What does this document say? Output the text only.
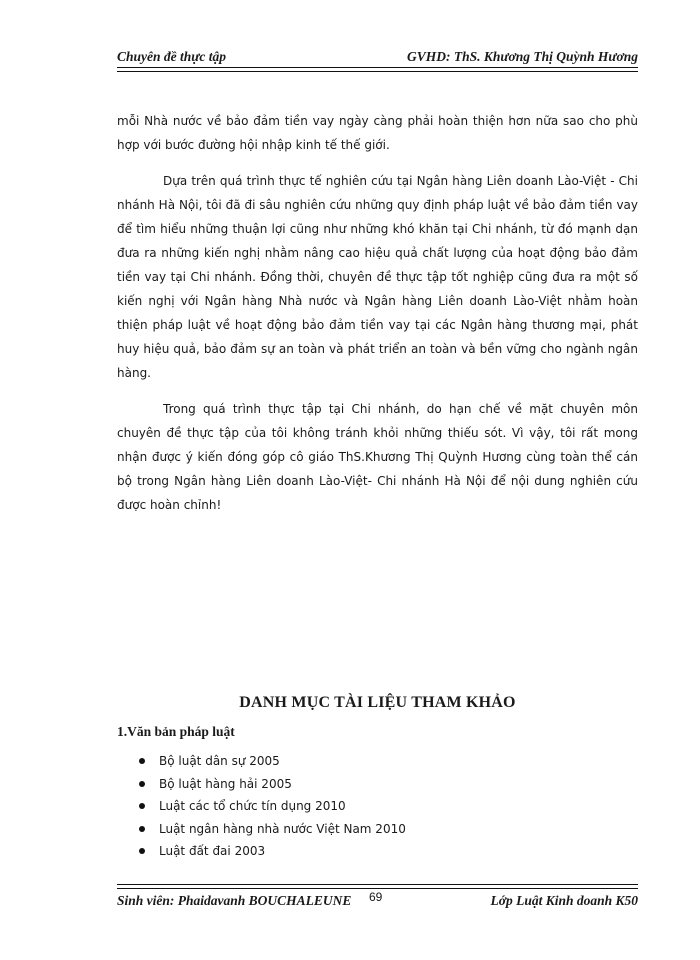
Chuyên đề thực tập	GVHD: ThS. Khương Thị Quỳnh Hương

mỗi Nhà nước về bảo đảm tiền vay ngày càng phải hoàn thiện hơn nữa sao cho phù hợp với bước đường hội nhập kinh tế thế giới.

Dựa trên quá trình thực tế nghiên cứu tại Ngân hàng Liên doanh Lào-Việt - Chi nhánh Hà Nội, tôi đã đi sâu nghiên cứu những quy định pháp luật về bảo đảm tiền vay để tìm hiểu những thuận lợi cũng như những khó khăn tại Chi nhánh, từ đó mạnh dạn đưa ra những kiến nghị nhằm nâng cao hiệu quả chất lượng của hoạt động bảo đảm tiền vay tại Chi nhánh. Đồng thời, chuyên đề thực tập tốt nghiệp cũng đưa ra một số kiến nghị với Ngân hàng Nhà nước và Ngân hàng Liên doanh Lào-Việt nhằm hoàn thiện pháp luật về hoạt động bảo đảm tiền vay tại các Ngân hàng thương mại, phát huy hiệu quả, bảo đảm sự an toàn và phát triển an toàn và bền vững cho ngành ngân hàng.

Trong quá trình thực tập tại Chi nhánh, do hạn chế về mặt chuyên môn chuyên đề thực tập của tôi không tránh khỏi những thiếu sót. Vì vậy, tôi rất mong nhận được ý kiến đóng góp cô giáo ThS.Khương Thị Quỳnh Hương cùng toàn thể cán bộ trong Ngân hàng Liên doanh Lào-Việt- Chi nhánh Hà Nội để nội dung nghiên cứu được hoàn chỉnh!

DANH MỤC TÀI LIỆU THAM KHẢO
1.Văn bản pháp luật
Bộ luật dân sự 2005
Bộ luật hàng hải 2005
Luật các tổ chức tín dụng 2010
Luật ngân hàng nhà nước Việt Nam 2010
Luật đất đai 2003
Sinh viên: Phaidavanh BOUCHALEUNE 69	Lớp Luật Kinh doanh K50
